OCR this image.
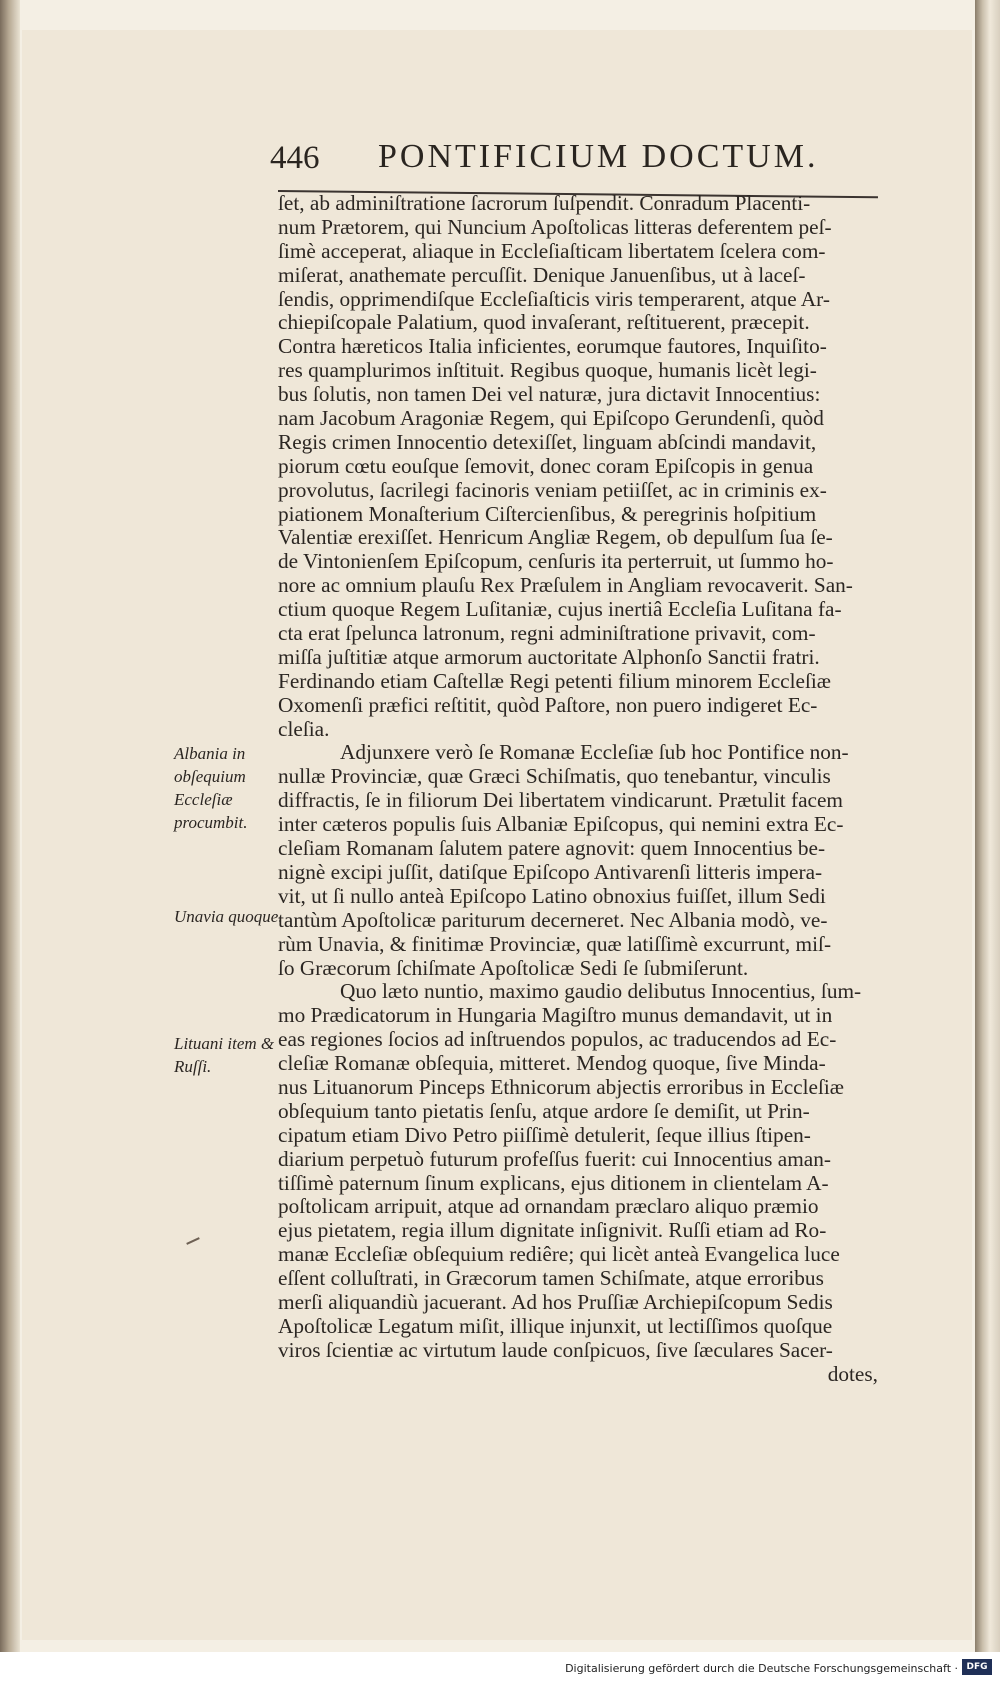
446 PONTIFICIUM DOCTUM.
ſet, ab adminiſtratione ſacrorum ſuſpendit. Conradum Placenti-
num Prætorem, qui Nuncium Apoſtolicas litteras deferentem peſ-
ſimè acceperat, aliaque in Eccleſiaſticam libertatem ſcelera com-
miſerat, anathemate percuſſit. Denique Januenſibus, ut à laceſ-
ſendis, opprimendiſque Eccleſiaſticis viris temperarent, atque Ar-
chiepiſcopale Palatium, quod invaſerant, reſtituerent, præcepit.
Contra hæreticos Italia inficientes, eorumque fautores, Inquiſito-
res quamplurimos inſtituit. Regibus quoque, humanis licèt legi-
bus ſolutis, non tamen Dei vel naturæ, jura dictavit Innocentius:
nam Jacobum Aragoniæ Regem, qui Epiſcopo Gerundenſi, quòd
Regis crimen Innocentio detexiſſet, linguam abſcindi mandavit,
piorum cœtu eouſque ſemovit, donec coram Epiſcopis in genua
provolutus, ſacrilegi facinoris veniam petiiſſet, ac in criminis ex-
piationem Monaſterium Ciſtercienſibus, & peregrinis hoſpitium
Valentiæ erexiſſet. Henricum Angliæ Regem, ob depulſum ſua ſe-
de Vintonienſem Epiſcopum, cenſuris ita perterruit, ut ſummo ho-
nore ac omnium plauſu Rex Præſulem in Angliam revocaverit. San-
ctium quoque Regem Luſitaniæ, cujus inertiâ Eccleſia Luſitana fa-
cta erat ſpelunca latronum, regni adminiſtratione privavit, com-
miſſa juſtitiæ atque armorum auctoritate Alphonſo Sanctii fratri.
Ferdinando etiam Caſtellæ Regi petenti filium minorem Eccleſiæ
Oxomenſi præfici reſtitit, quòd Paſtore, non puero indigeret Ec-
cleſia.
Adjunxere verò ſe Romanæ Eccleſiæ ſub hoc Pontifice non-
nullæ Provinciæ, quæ Græci Schiſmatis, quo tenebantur, vinculis
diffractis, ſe in filiorum Dei libertatem vindicarunt. Prætulit facem
inter cæteros populis ſuis Albaniæ Epiſcopus, qui nemini extra Ec-
cleſiam Romanam ſalutem patere agnovit: quem Innocentius be-
nignè excipi juſſit, datiſque Epiſcopo Antivarenſi litteris impera-
vit, ut ſi nullo anteà Epiſcopo Latino obnoxius fuiſſet, illum Sedi
tantùm Apoſtolicæ pariturum decerneret. Nec Albania modò, ve-
rùm Unavia, & finitimæ Provinciæ, quæ latiſſimè excurrunt, miſ-
ſo Græcorum ſchiſmate Apoſtolicæ Sedi ſe ſubmiſerunt.
Quo læto nuntio, maximo gaudio delibutus Innocentius, ſum-
mo Prædicatorum in Hungaria Magiſtro munus demandavit, ut in
eas regiones ſocios ad inſtruendos populos, ac traducendos ad Ec-
cleſiæ Romanæ obſequia, mitteret. Mendog quoque, ſive Minda-
nus Lituanorum Pinceps Ethnicorum abjectis erroribus in Eccleſiæ
obſequium tanto pietatis ſenſu, atque ardore ſe demiſit, ut Prin-
cipatum etiam Divo Petro piiſſimè detulerit, ſeque illius ſtipen-
diarium perpetuò futurum profeſſus fuerit: cui Innocentius aman-
tiſſimè paternum ſinum explicans, ejus ditionem in clientelam A-
poſtolicam arripuit, atque ad ornandam præclaro aliquo præmio
ejus pietatem, regia illum dignitate inſignivit. Ruſſi etiam ad Ro-
manæ Eccleſiæ obſequium rediêre; qui licèt anteà Evangelica luce
eſſent colluſtrati, in Græcorum tamen Schiſmate, atque erroribus
merſi aliquandiù jacuerant. Ad hos Pruſſiæ Archiepiſcopum Sedis
Apoſtolicæ Legatum miſit, illique injunxit, ut lectiſſimos quoſque
viros ſcientiæ ac virtutum laude conſpicuos, ſive ſæculares Sacer-
dotes,
Albania in obſequium Eccleſiæ procumbit.
Unavia quoque.
Lituani item & Ruſſi.
Digitalisierung gefördert durch die Deutsche Forschungsgemeinschaft · DFG
